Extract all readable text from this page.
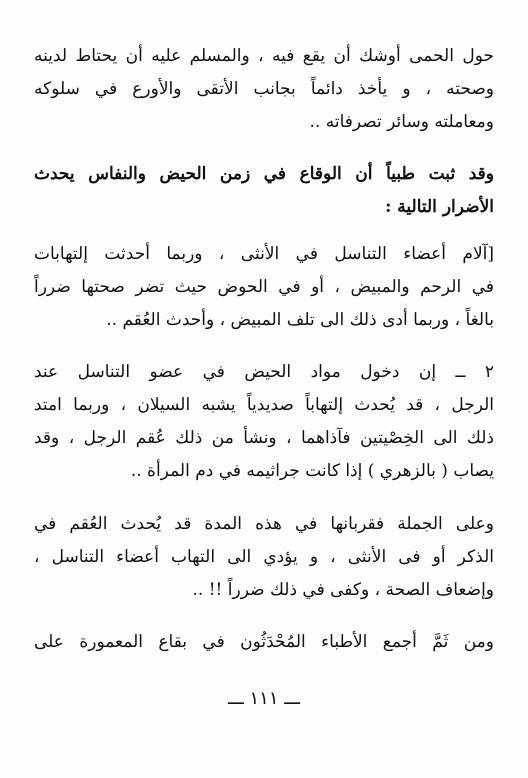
حول الحمى أوشك أن يقع فيه ، والمسلم عليه أن يحتاط لدينه
وصحته ، و يأخذ دائماً بجانب الأتقى والأورع في سلوكه
ومعاملته وسائر تصرفاته ..
وقد ثبت طبياً أن الوقاع في زمن الحيض والنفاس يحدث
الأضرار التالية :
[آلام أعضاء التناسل في الأنثى ، وربما أحدثت إلتهابات
في الرحم والمبيض ، أو في الحوض حيث تضر صحتها ضرراً
بالغاً ، وربما أدى ذلك الى تلف المبيض ، وأحدث العُقم ..
٢ ــ إن دخول مواد الحيض في عضو التناسل عند
الرجل ، قد يُحدث إلتهاباً صديدياً يشبه السيلان ، وربما امتد
ذلك الى الخِصْيتين فآذاهما ، ونشأ من ذلك عُقم الرجل ، وقد
يصاب ( بالزهري ) إذا كانت جراثيمه في دم المرأة ..
وعلى الجملة فقربانها في هذه المدة قد يُحدث العُقم في
الذكر أو فى الأنثى ، و يؤدي الى التهاب أعضاء التناسل ،
وإضعاف الصحة ، وكفى في ذلك ضرراً !! ..
ومن ثَمَّ أجمع الأطباء المُحْدَثُون في بقاع المعمورة على
ـــ ١١١ ـــ
